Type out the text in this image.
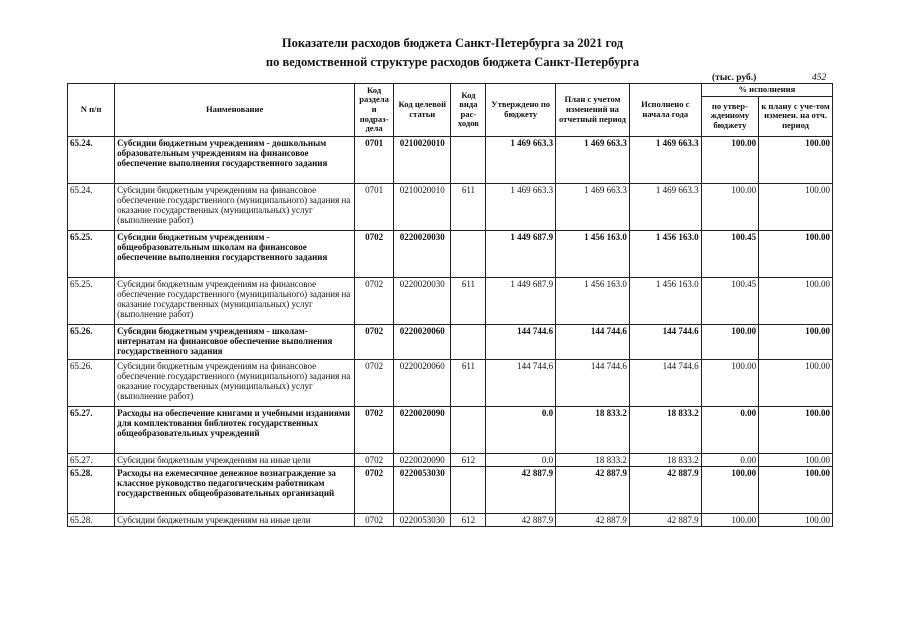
Показатели расходов бюджета Санкт-Петербурга за 2021 год
по ведомственной структуре расходов бюджета Санкт-Петербурга
(тыс. руб.)	452
N п/п	Наименование	Код раздела и подраз-дела	Код целевой статьи	Код вида рас-ходов	Утверждено по бюджету	План с учетом изменений на отчетный период	Исполнено с начала года	% исполнения	
								по утвер-жденному бюджету	к плану с уче-том изменен. на отч. период
65.24.	Субсидии бюджетным учреждениям - дошкольным образовательным учреждениям на финансовое обеспечение выполнения государственного задания	0701	0210020010		1 469 663.3	1 469 663.3	1 469 663.3	100.00	100.00
65.24.	Субсидии бюджетным учреждениям на финансовое обеспечение государственного (муниципального) задания на оказание государственных (муниципальных) услуг (выполнение работ)	0701	0210020010	611	1 469 663.3	1 469 663.3	1 469 663.3	100.00	100.00
65.25.	Субсидии бюджетным учреждениям - общеобразовательным школам на финансовое обеспечение выполнения государственного задания	0702	0220020030		1 449 687.9	1 456 163.0	1 456 163.0	100.45	100.00
65.25.	Субсидии бюджетным учреждениям на финансовое обеспечение государственного (муниципального) задания на оказание государственных (муниципальных) услуг (выполнение работ)	0702	0220020030	611	1 449 687.9	1 456 163.0	1 456 163.0	100.45	100.00
65.26.	Субсидии бюджетным учреждениям - школам-интернатам на финансовое обеспечение выполнения государственного задания	0702	0220020060		144 744.6	144 744.6	144 744.6	100.00	100.00
65.26.	Субсидии бюджетным учреждениям на финансовое обеспечение государственного (муниципального) задания на оказание государственных (муниципальных) услуг (выполнение работ)	0702	0220020060	611	144 744.6	144 744.6	144 744.6	100.00	100.00
65.27.	Расходы на обеспечение книгами и учебными изданиями для комплектования библиотек государственных общеобразовательных учреждений	0702	0220020090		0.0	18 833.2	18 833.2	0.00	100.00
65.27.	Субсидии бюджетным учреждениям на иные цели	0702	0220020090	612	0.0	18 833.2	18 833.2	0.00	100.00
65.28.	Расходы на ежемесячное денежное вознаграждение за классное руководство педагогическим работникам государственных общеобразовательных организаций	0702	0220053030		42 887.9	42 887.9	42 887.9	100.00	100.00
65.28.	Субсидии бюджетным учреждениям на иные цели	0702	0220053030	612	42 887.9	42 887.9	42 887.9	100.00	100.00
